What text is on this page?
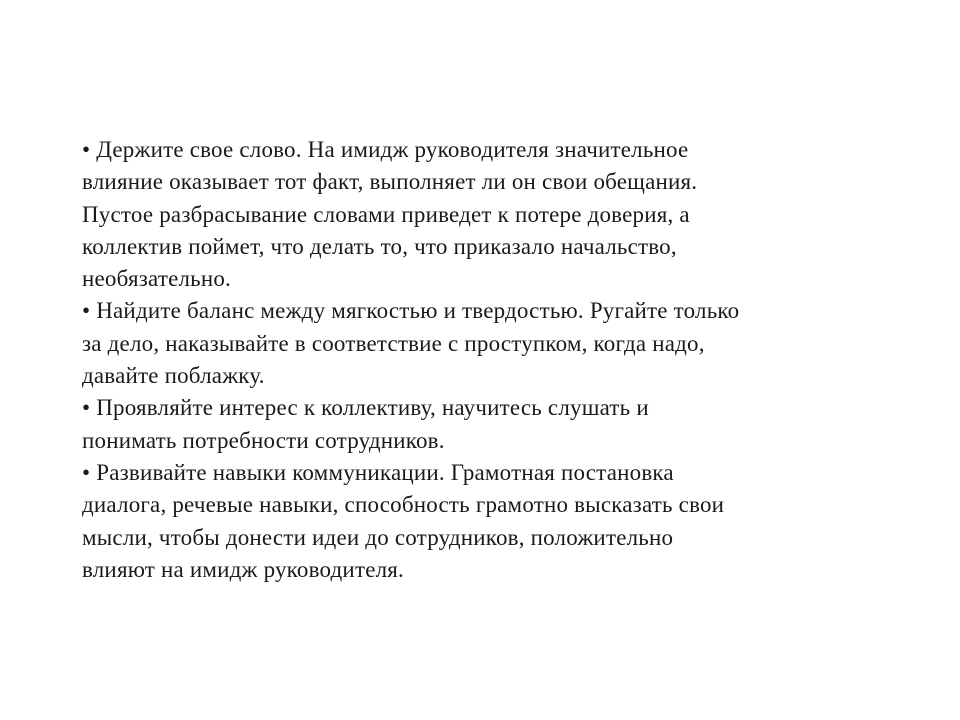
• Держите свое слово. На имидж руководителя значительное
влияние оказывает тот факт, выполняет ли он свои обещания.
Пустое разбрасывание словами приведет к потере доверия, а
коллектив поймет, что делать то, что приказало начальство,
необязательно.
• Найдите баланс между мягкостью и твердостью. Ругайте только
за дело, наказывайте в соответствие с проступком, когда надо,
давайте поблажку.
• Проявляйте интерес к коллективу, научитесь слушать и
понимать потребности сотрудников.
• Развивайте навыки коммуникации. Грамотная постановка
диалога, речевые навыки, способность грамотно высказать свои
мысли, чтобы донести идеи до сотрудников, положительно
влияют на имидж руководителя.
